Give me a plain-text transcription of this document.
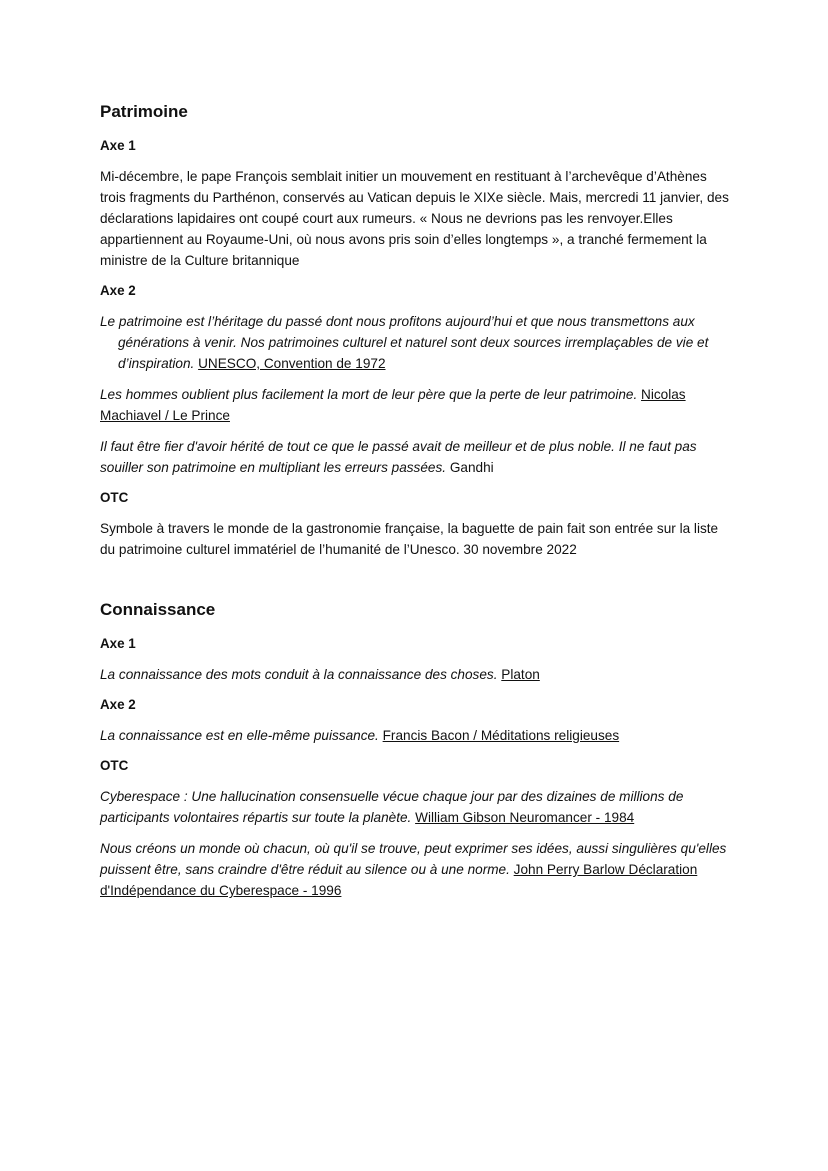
Patrimoine
Axe 1

Mi-décembre, le pape François semblait initier un mouvement en restituant à l’archevêque d’Athènes trois fragments du Parthénon, conservés au Vatican depuis le XIXe siècle. Mais, mercredi 11 janvier, des déclarations lapidaires ont coupé court aux rumeurs. « Nous ne devrions pas les renvoyer.Elles appartiennent au Royaume-Uni, où nous avons pris soin d’elles longtemps », a tranché fermement la ministre de la Culture britannique

Axe 2

Le patrimoine est l’héritage du passé dont nous profitons aujourd’hui et que nous transmettons aux générations à venir. Nos patrimoines culturel et naturel sont deux sources irremplaçables de vie et d’inspiration. UNESCO, Convention de 1972

Les hommes oublient plus facilement la mort de leur père que la perte de leur patrimoine. Nicolas Machiavel / Le Prince

Il faut être fier d'avoir hérité de tout ce que le passé avait de meilleur et de plus noble. Il ne faut pas souiller son patrimoine en multipliant les erreurs passées. Gandhi

OTC

Symbole à travers le monde de la gastronomie française, la baguette de pain fait son entrée sur la liste du patrimoine culturel immatériel de l’humanité de l’Unesco. 30 novembre 2022

Connaissance
Axe 1

La connaissance des mots conduit à la connaissance des choses. Platon

Axe 2

La connaissance est en elle-même puissance. Francis Bacon / Méditations religieuses

OTC

Cyberespace : Une hallucination consensuelle vécue chaque jour par des dizaines de millions de participants volontaires répartis sur toute la planète. William Gibson Neuromancer - 1984

Nous créons un monde où chacun, où qu'il se trouve, peut exprimer ses idées, aussi singulières qu'elles puissent être, sans craindre d'être réduit au silence ou à une norme. John Perry Barlow Déclaration d'Indépendance du Cyberespace - 1996
